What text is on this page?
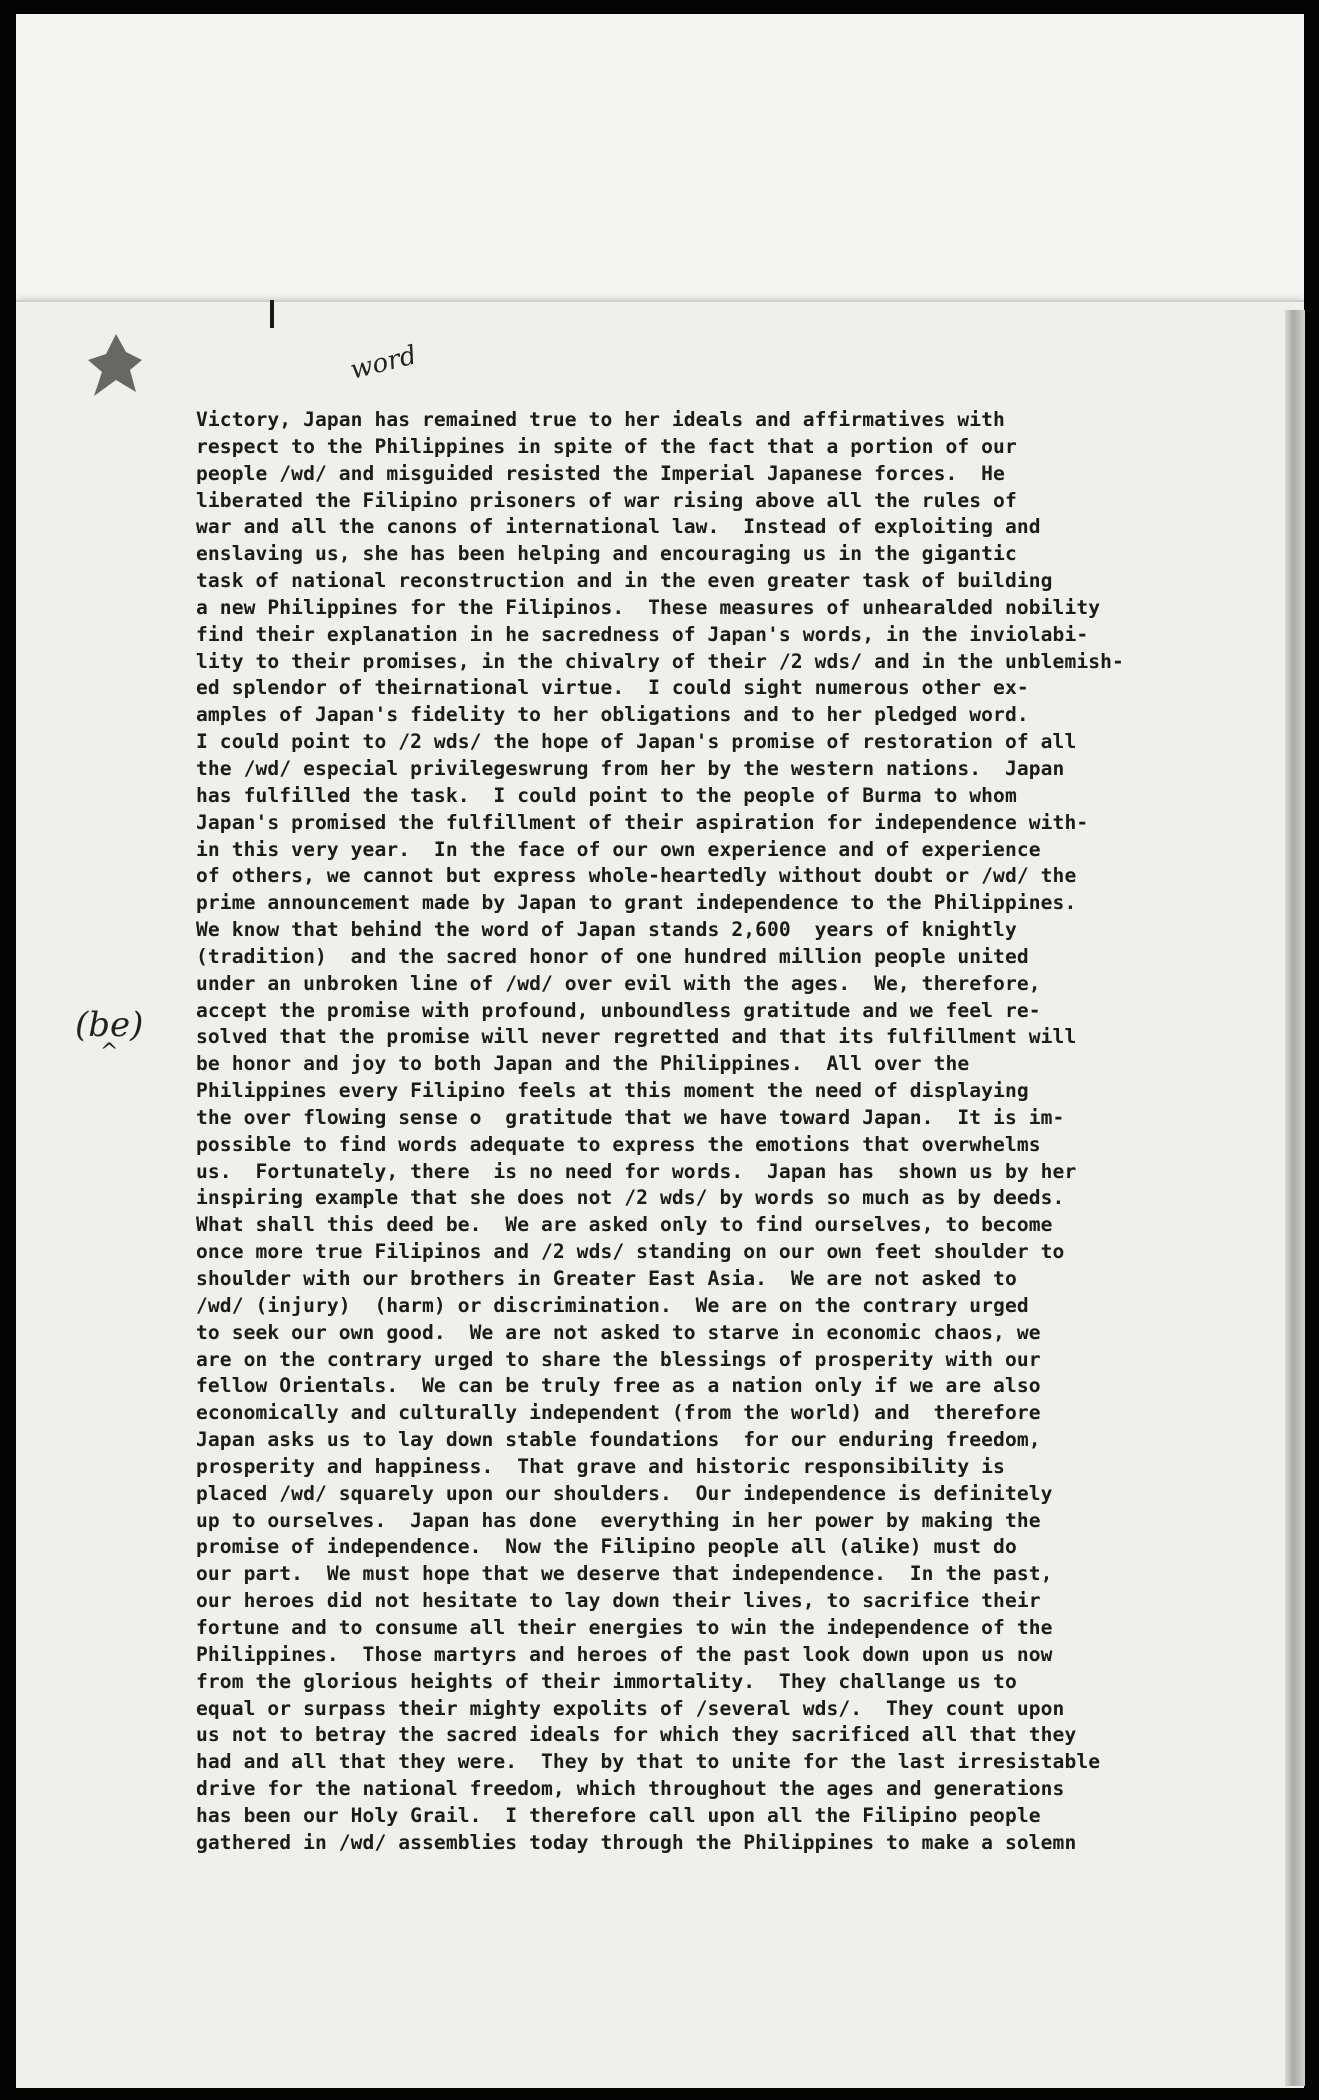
word
(be)
^
Victory, Japan has remained true to her ideals and affirmatives with
respect to the Philippines in spite of the fact that a portion of our
people /wd/ and misguided resisted the Imperial Japanese forces.  He
liberated the Filipino prisoners of war rising above all the rules of
war and all the canons of international law.  Instead of exploiting and
enslaving us, she has been helping and encouraging us in the gigantic
task of national reconstruction and in the even greater task of building
a new Philippines for the Filipinos.  These measures of unhearalded nobility
find their explanation in he sacredness of Japan's words, in the inviolabi-
lity to their promises, in the chivalry of their /2 wds/ and in the unblemish-
ed splendor of theirnational virtue.  I could sight numerous other ex-
amples of Japan's fidelity to her obligations and to her pledged word.
I could point to /2 wds/ the hope of Japan's promise of restoration of all
the /wd/ especial privilegeswrung from her by the western nations.  Japan
has fulfilled the task.  I could point to the people of Burma to whom
Japan's promised the fulfillment of their aspiration for independence with-
in this very year.  In the face of our own experience and of experience
of others, we cannot but express whole-heartedly without doubt or /wd/ the
prime announcement made by Japan to grant independence to the Philippines.
We know that behind the word of Japan stands 2,600  years of knightly
(tradition)  and the sacred honor of one hundred million people united
under an unbroken line of /wd/ over evil with the ages.  We, therefore,
accept the promise with profound, unboundless gratitude and we feel re-
solved that the promise will never regretted and that its fulfillment will
be honor and joy to both Japan and the Philippines.  All over the
Philippines every Filipino feels at this moment the need of displaying
the over flowing sense o  gratitude that we have toward Japan.  It is im-
possible to find words adequate to express the emotions that overwhelms
us.  Fortunately, there  is no need for words.  Japan has  shown us by her
inspiring example that she does not /2 wds/ by words so much as by deeds.
What shall this deed be.  We are asked only to find ourselves, to become
once more true Filipinos and /2 wds/ standing on our own feet shoulder to
shoulder with our brothers in Greater East Asia.  We are not asked to
/wd/ (injury)  (harm) or discrimination.  We are on the contrary urged
to seek our own good.  We are not asked to starve in economic chaos, we
are on the contrary urged to share the blessings of prosperity with our
fellow Orientals.  We can be truly free as a nation only if we are also
economically and culturally independent (from the world) and  therefore
Japan asks us to lay down stable foundations  for our enduring freedom,
prosperity and happiness.  That grave and historic responsibility is
placed /wd/ squarely upon our shoulders.  Our independence is definitely
up to ourselves.  Japan has done  everything in her power by making the
promise of independence.  Now the Filipino people all (alike) must do
our part.  We must hope that we deserve that independence.  In the past,
our heroes did not hesitate to lay down their lives, to sacrifice their
fortune and to consume all their energies to win the independence of the
Philippines.  Those martyrs and heroes of the past look down upon us now
from the glorious heights of their immortality.  They challange us to
equal or surpass their mighty expolits of /several wds/.  They count upon
us not to betray the sacred ideals for which they sacrificed all that they
had and all that they were.  They by that to unite for the last irresistable
drive for the national freedom, which throughout the ages and generations
has been our Holy Grail.  I therefore call upon all the Filipino people
gathered in /wd/ assemblies today through the Philippines to make a solemn
